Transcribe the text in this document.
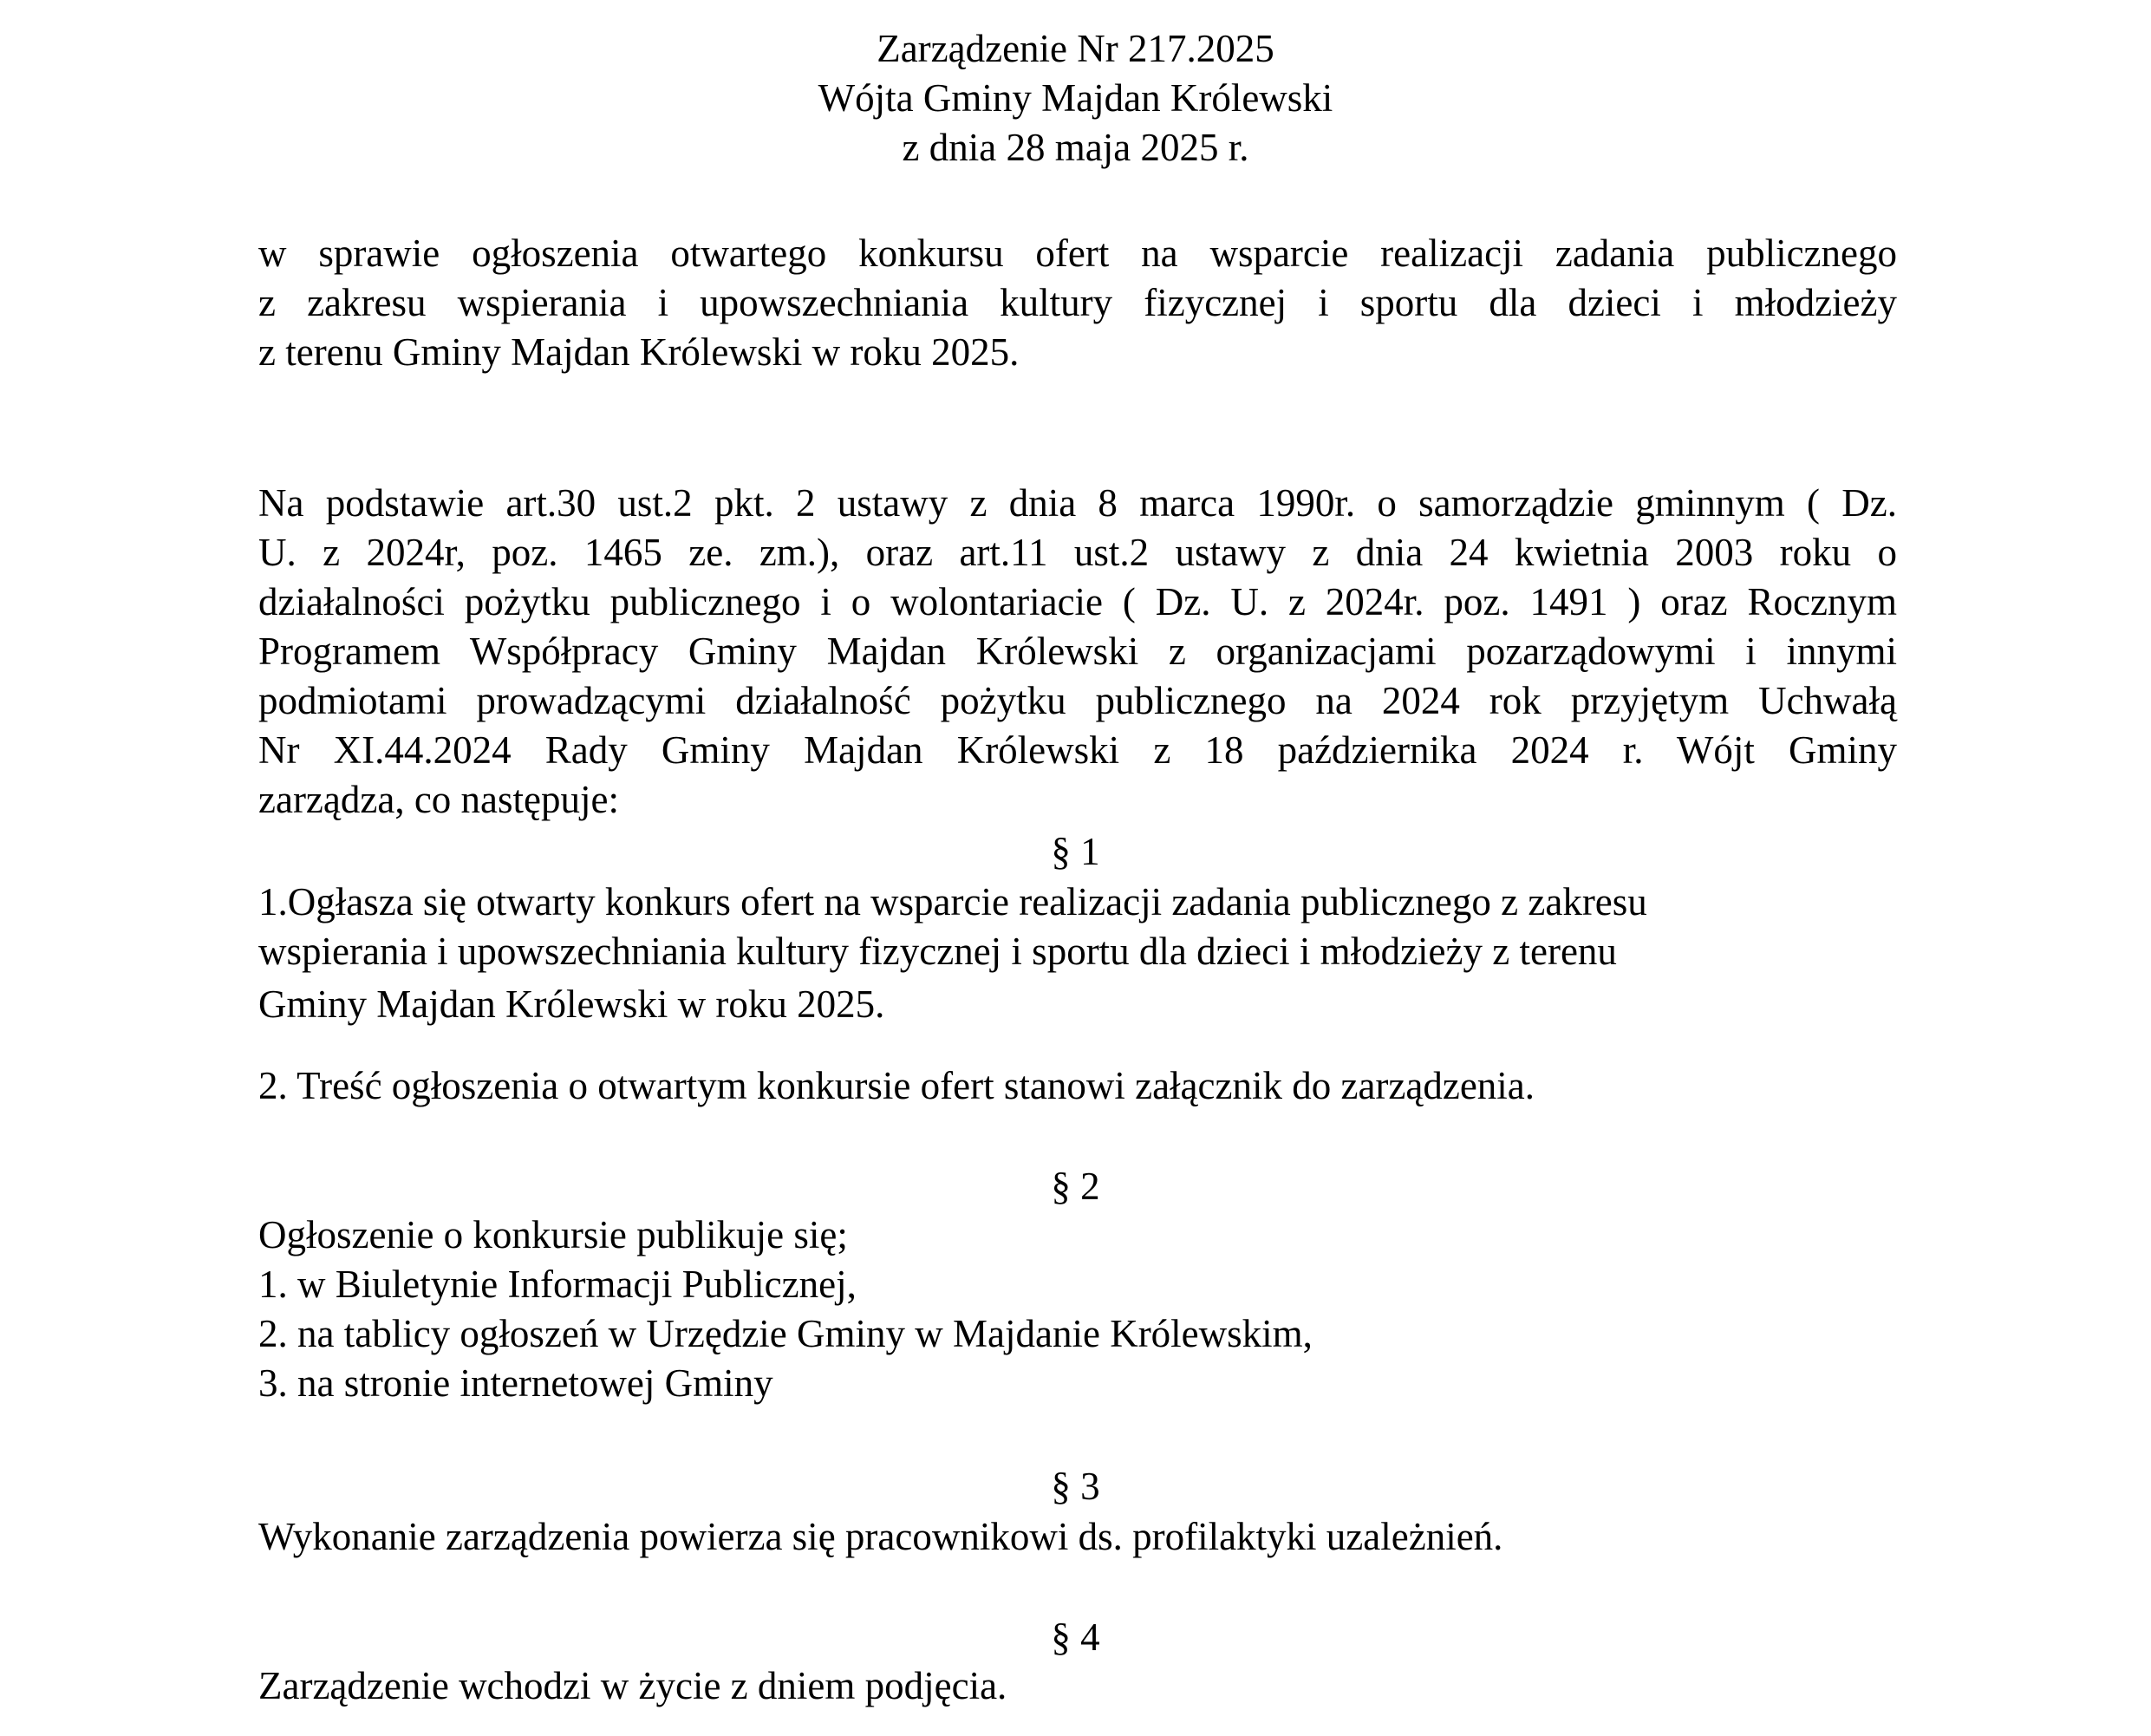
Zarządzenie Nr 217.2025
Wójta Gminy Majdan Królewski
z dnia 28 maja 2025 r.
w sprawie ogłoszenia otwartego konkursu ofert na wsparcie realizacji zadania publicznego
z zakresu wspierania i upowszechniania kultury fizycznej i sportu dla dzieci i młodzieży
z terenu Gminy Majdan Królewski w roku 2025.
Na podstawie art.30 ust.2 pkt. 2 ustawy z dnia 8 marca 1990r. o samorządzie gminnym ( Dz.
U. z 2024r, poz. 1465 ze. zm.), oraz art.11 ust.2 ustawy z dnia 24 kwietnia 2003 roku o
działalności pożytku publicznego i o wolontariacie ( Dz. U. z 2024r. poz. 1491 ) oraz Rocznym
Programem Współpracy Gminy Majdan Królewski z organizacjami pozarządowymi i innymi
podmiotami prowadzącymi działalność pożytku publicznego na 2024 rok przyjętym Uchwałą
Nr XI.44.2024 Rady Gminy Majdan Królewski z 18 października 2024 r. Wójt Gminy
zarządza, co następuje:
§ 1
1.Ogłasza się otwarty konkurs ofert na wsparcie realizacji zadania publicznego z zakresu
wspierania i upowszechniania kultury fizycznej i sportu dla dzieci i młodzieży z terenu
Gminy Majdan Królewski w roku 2025.
2. Treść ogłoszenia o otwartym konkursie ofert stanowi załącznik do zarządzenia.
§ 2
Ogłoszenie o konkursie publikuje się;
1. w Biuletynie Informacji Publicznej,
2. na tablicy ogłoszeń w Urzędzie Gminy w Majdanie Królewskim,
3. na stronie internetowej Gminy
§ 3
Wykonanie zarządzenia powierza się pracownikowi ds. profilaktyki uzależnień.
§ 4
Zarządzenie wchodzi w życie z dniem podjęcia.
